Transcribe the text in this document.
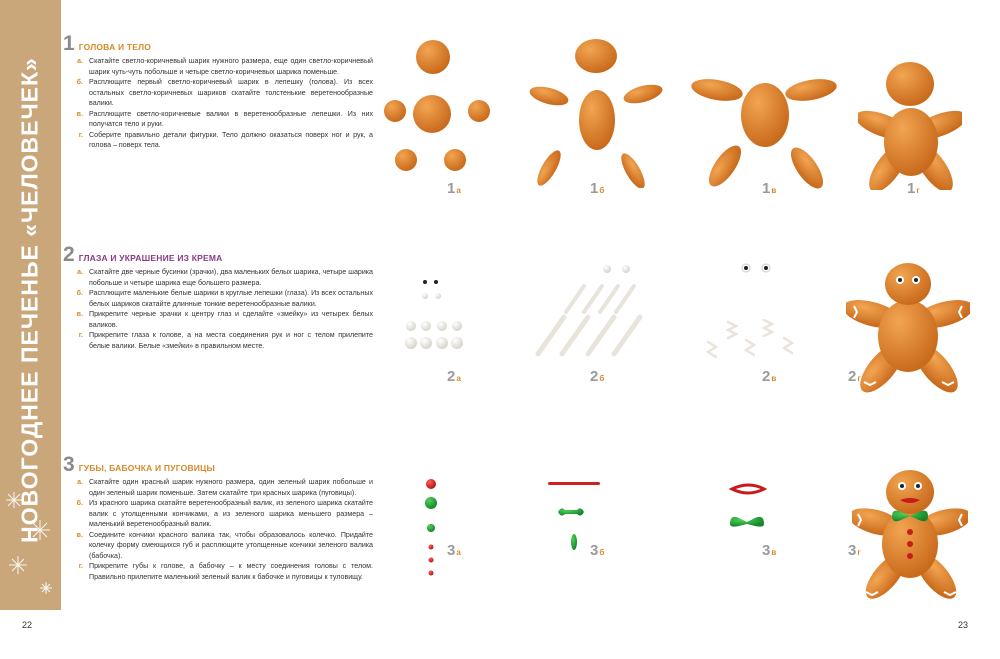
НОВОГОДНЕЕ ПЕЧЕНЬЕ «ЧЕЛОВЕЧЕК»
22	23
1 ГОЛОВА И ТЕЛО
а. Скатайте светло-коричневый шарик нужного размера, еще один светло-коричневый шарик чуть-чуть побольше и четыре светло-коричневых шарика поменьше.
б. Расплющите первый светло-коричневый шарик в лепешку (голова). Из всех остальных светло-коричневых шариков скатайте толстенькие веретенообразные валики.
в. Расплющите светло-коричневые валики в веретенообразные лепешки. Из них получатся тело и руки.
г. Соберите правильно детали фигурки. Тело должно оказаться поверх ног и рук, а голова – поверх тела.
2 ГЛАЗА И УКРАШЕНИЕ ИЗ КРЕМА
а. Скатайте две черные бусинки (зрачки), два маленьких белых шарика, четыре шарика побольше и четыре шарика еще большего размера.
б. Расплющите маленькие белые шарики в круглые лепешки (глаза). Из всех остальных белых шариков скатайте длинные тонкие веретенообразные валики.
в. Прикрепите черные зрачки к центру глаз и сделайте «змейку» из четырех белых валиков.
г. Прикрепите глаза к голове, а на места соединения рук и ног с телом прилепите белые валики. Белые «змейки» в правильном месте.
3 ГУБЫ, БАБОЧКА И ПУГОВИЦЫ
а. Скатайте один красный шарик нужного размера, один зеленый шарик побольше и один зеленый шарик поменьше. Затем скатайте три красных шарика (пуговицы).
б. Из красного шарика скатайте веретенообразный валик, из зеленого шарика скатайте валик с утолщенными кончиками, а из зеленого шарика меньшего размера – маленький веретенообразный валик.
в. Соедините кончики красного валика так, чтобы образовалось колечко. Придайте колечку форму смеющихся губ и расплющите утолщенные кончики зеленого валика (бабочка).
г. Прикрепите губы к голове, а бабочку – к месту соединения головы с телом. Правильно прилепите маленький зеленый валик к бабочке и пуговицы к туловищу.
1а	1б	1в	1г
2а	2б	2в	2г
3а	3б	3в	3г
